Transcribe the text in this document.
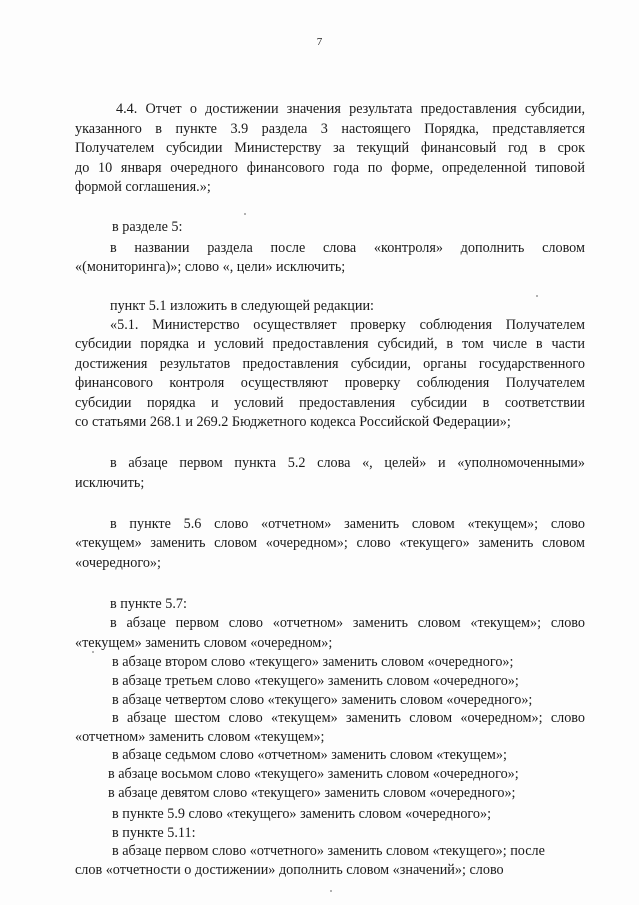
7
4.4. Отчет о достижении значения результата предоставления субсидии,
указанного в пункте 3.9 раздела 3 настоящего Порядка, представляется
Получателем субсидии Министерству за текущий финансовый год в срок
до 10 января очередного финансового года по форме, определенной типовой
формой соглашения.»;
в разделе 5:
в названии раздела после слова «контроля» дополнить словом
«(мониторинга)»; слово «, цели» исключить;
пункт 5.1 изложить в следующей редакции:
«5.1. Министерство осуществляет проверку соблюдения Получателем
субсидии порядка и условий предоставления субсидий, в том числе в части
достижения результатов предоставления субсидии, органы государственного
финансового контроля осуществляют проверку соблюдения Получателем
субсидии порядка и условий предоставления субсидии в соответствии
со статьями 268.1 и 269.2 Бюджетного кодекса Российской Федерации»;
в абзаце первом пункта 5.2 слова «, целей» и «уполномоченными»
исключить;
в пункте 5.6 слово «отчетном» заменить словом «текущем»; слово
«текущем» заменить словом «очередном»; слово «текущего» заменить словом
«очередного»;
в пункте 5.7:
в абзаце первом слово «отчетном» заменить словом «текущем»; слово
«текущем» заменить словом «очередном»;
в абзаце втором слово «текущего» заменить словом «очередного»;
в абзаце третьем слово «текущего» заменить словом «очередного»;
в абзаце четвертом слово «текущего» заменить словом «очередного»;
в абзаце шестом слово «текущем» заменить словом «очередном»; слово
«отчетном» заменить словом «текущем»;
в абзаце седьмом слово «отчетном» заменить словом «текущем»;
в абзаце восьмом слово «текущего» заменить словом «очередного»;
в абзаце девятом слово «текущего» заменить словом «очередного»;
в пункте 5.9 слово «текущего» заменить словом «очередного»;
в пункте 5.11:
в абзаце первом слово «отчетного» заменить словом «текущего»; после
слов «отчетности о достижении» дополнить словом «значений»; слово
